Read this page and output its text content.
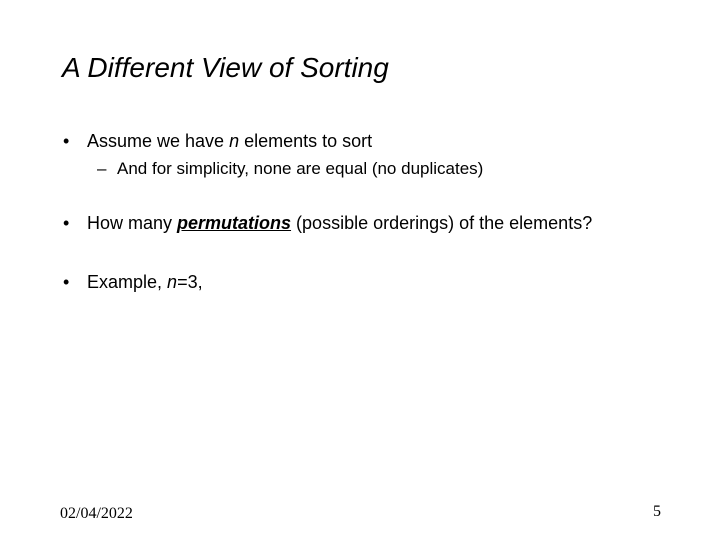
A Different View of Sorting
• Assume we have n elements to sort
– And for simplicity, none are equal (no duplicates)
• How many permutations (possible orderings) of the elements?
• Example, n=3,
02/04/2022	5
